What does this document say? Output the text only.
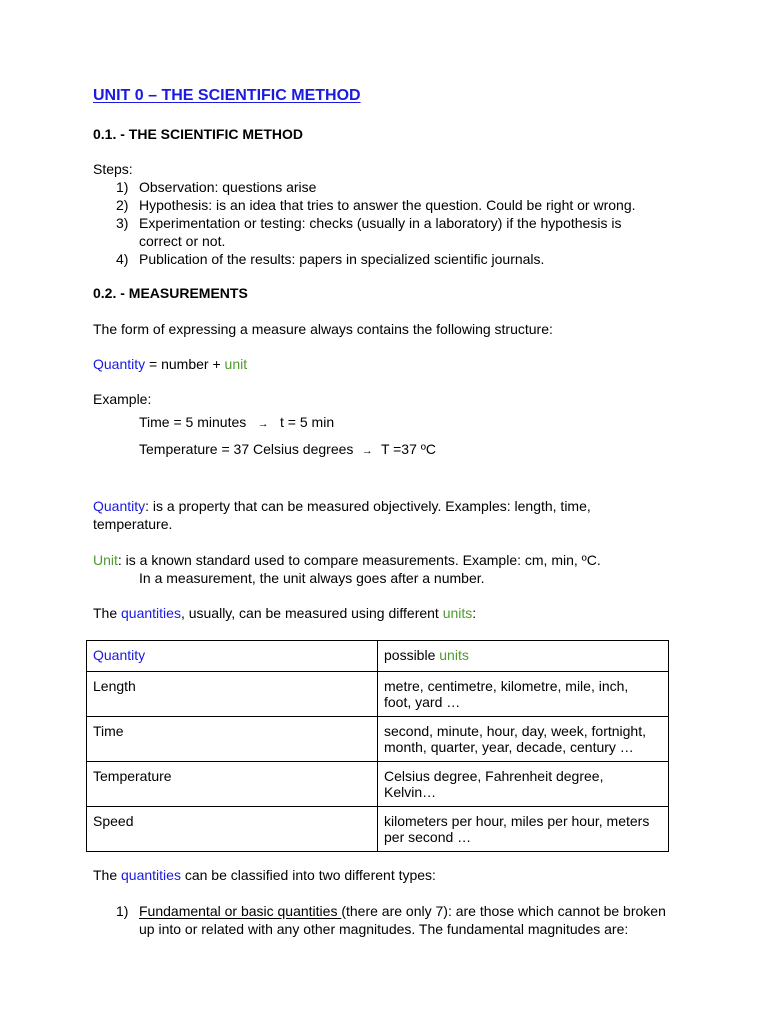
UNIT 0 – THE SCIENTIFIC METHOD
0.1. - THE SCIENTIFIC METHOD
Steps:
1) Observation: questions arise
2) Hypothesis: is an idea that tries to answer the question. Could be right or wrong.
3) Experimentation or testing: checks (usually in a laboratory) if the hypothesis is
correct or not.
4) Publication of the results: papers in specialized scientific journals.
0.2. - MEASUREMENTS
The form of expressing a measure always contains the following structure:
Quantity = number + unit
Example:
Time = 5 minutes → t = 5 min
Temperature = 37 Celsius degrees → T =37 ºC
Quantity: is a property that can be measured objectively. Examples: length, time,
temperature.
Unit: is a known standard used to compare measurements. Example: cm, min, ºC.
In a measurement, the unit always goes after a number.
The quantities, usually, can be measured using different units:
Quantity	possible units
Length	metre, centimetre, kilometre, mile, inch,
foot, yard …

Time	second, minute, hour, day, week, fortnight,
month, quarter, year, decade, century …

Temperature	Celsius degree, Fahrenheit degree,
Kelvin…

Speed	kilometers per hour, miles per hour, meters
per second …
The quantities can be classified into two different types:
1) Fundamental or basic quantities (there are only 7): are those which cannot be broken
up into or related with any other magnitudes. The fundamental magnitudes are:
